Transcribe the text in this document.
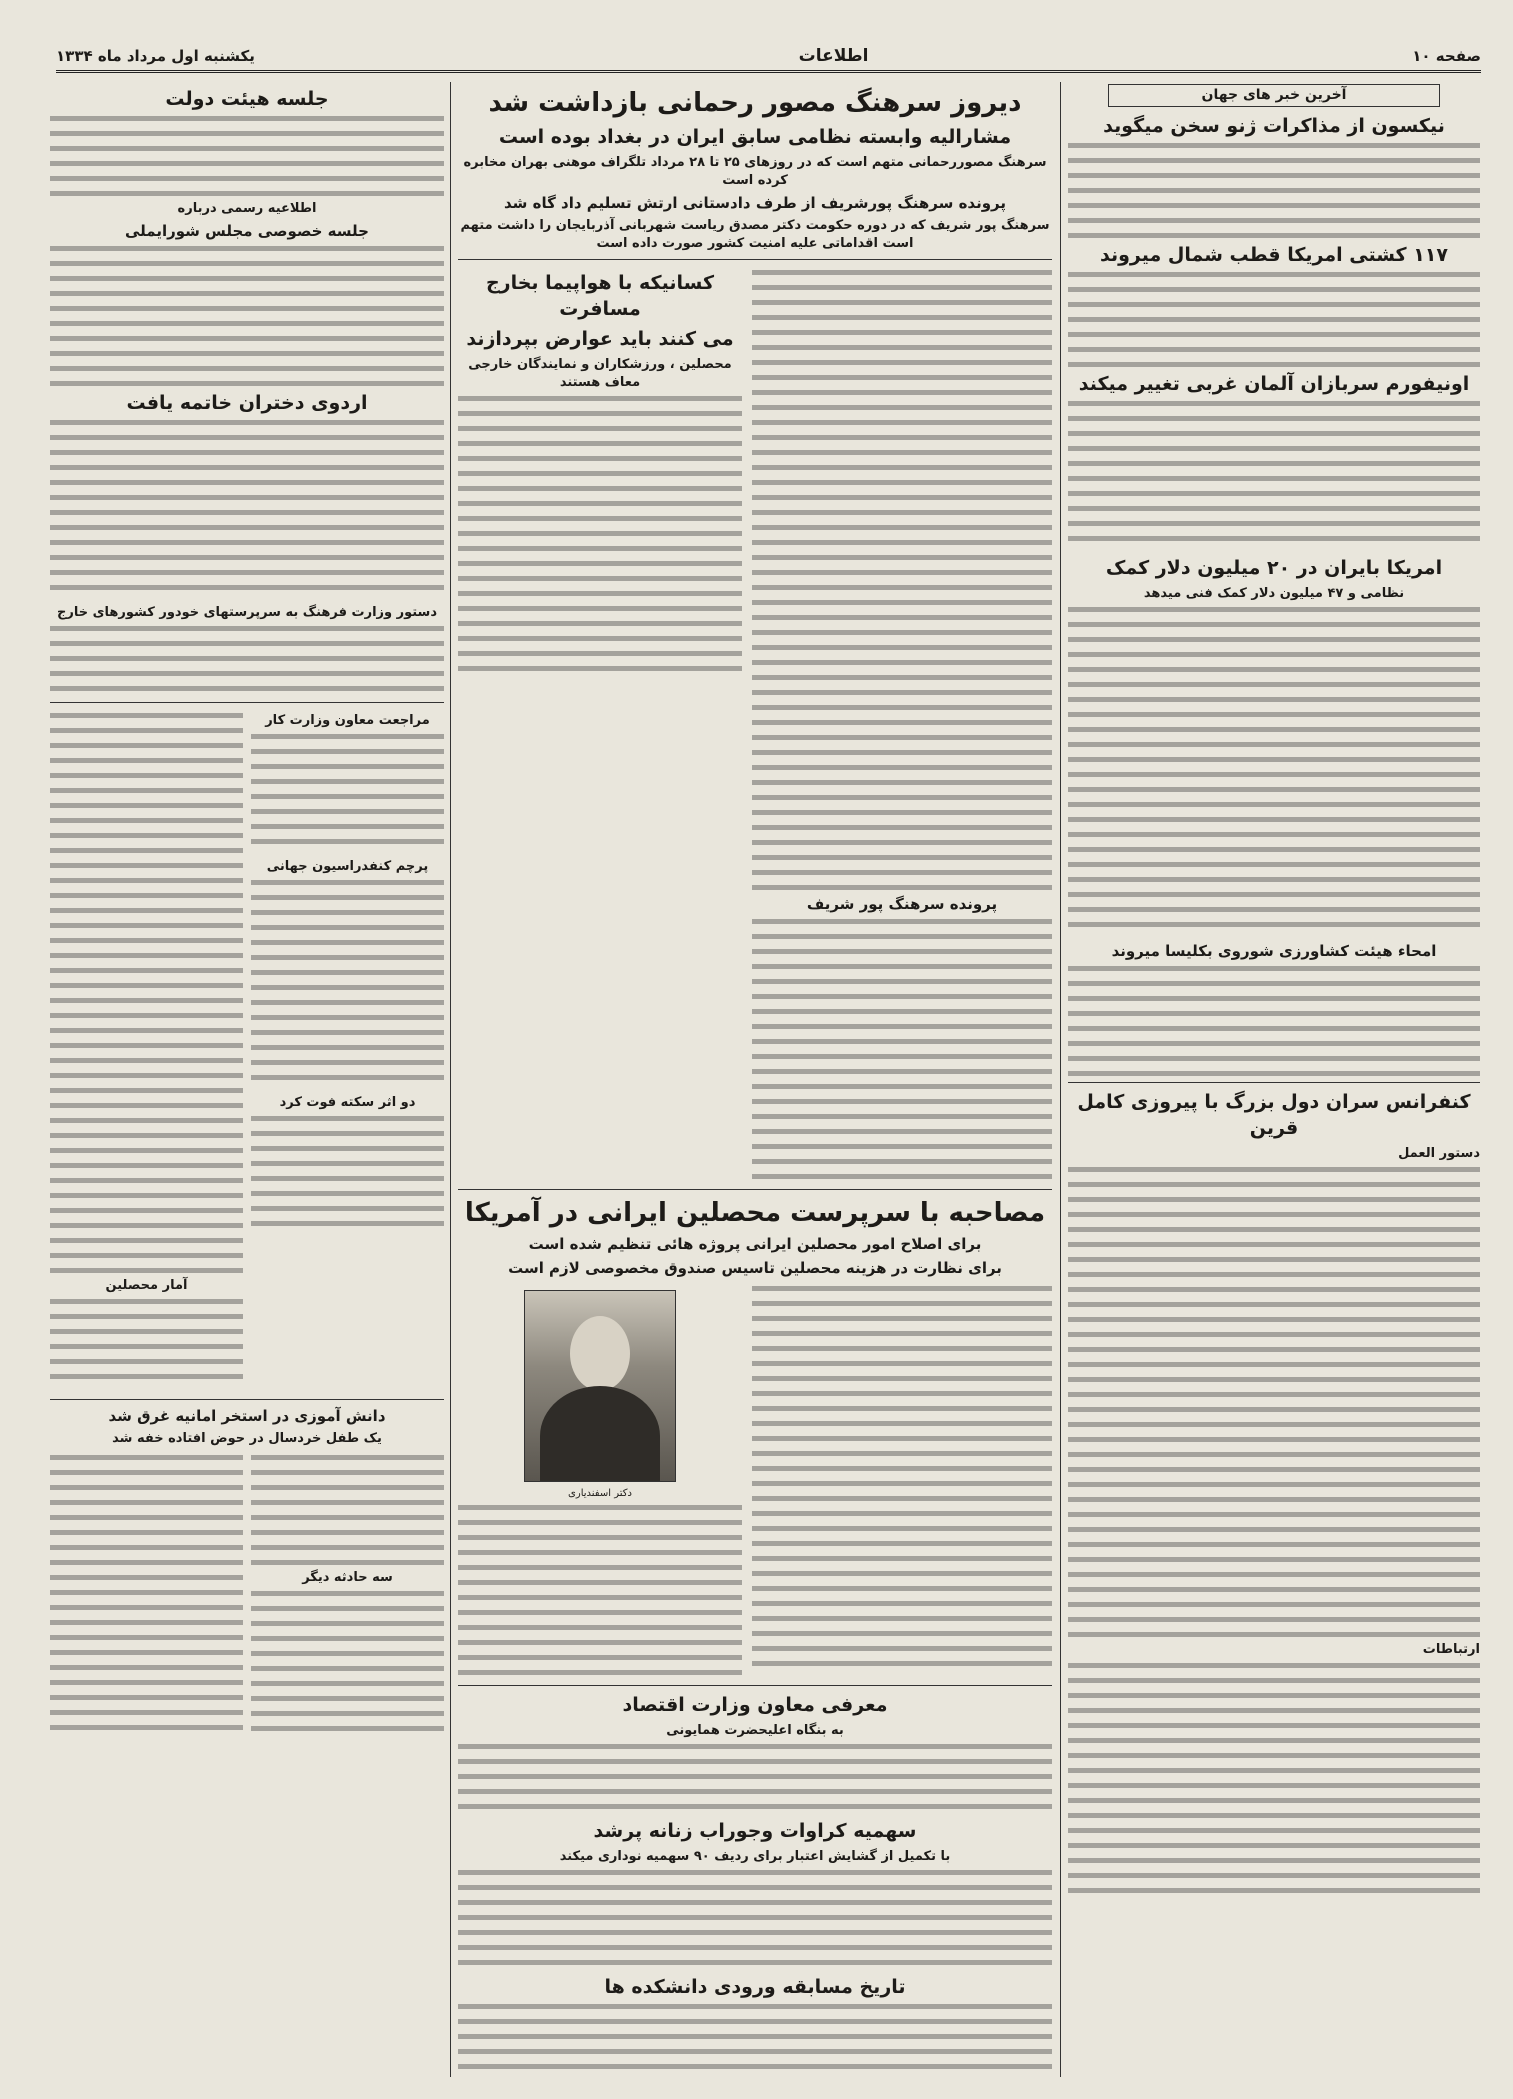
صفحه ۱۰
اطلاعات
یکشنبه اول مرداد ماه ۱۳۳۴
آخرین خبر های جهان
نیکسون از مذاکرات ژنو سخن میگوید
۱۱۷ کشتی امریکا قطب شمال میروند
اونیفورم سربازان آلمان غربی تغییر میکند
امریکا بایران در ۲۰ میلیون دلار کمک
نظامی و ۴۷ میلیون دلار کمک فنی میدهد
امحاء هیئت کشاورزی شوروی بکلیسا میروند
کنفرانس سران دول بزرگ با پیروزی کامل قرین
دستور العمل
ارتباطات
دیروز سرهنگ مصور رحمانی بازداشت شد
مشارالیه وابسته نظامی سابق ایران در بغداد بوده است
سرهنگ مصوررحمانی متهم است که در روزهای ۲۵ تا ۲۸ مرداد تلگراف موهنی بهران مخابره کرده است
پرونده سرهنگ پورشریف از طرف دادستانی ارتش تسلیم داد گاه شد
سرهنگ پور شریف که در دوره حکومت دکتر مصدق ریاست شهربانی آذربایجان را داشت متهم است اقداماتی علیه امنیت کشور صورت داده است
پرونده سرهنگ پور شریف
کسانیکه با هواپیما بخارج مسافرت
می کنند باید عوارض بپردازند
محصلین ، ورزشکاران و نمایندگان خارجی معاف هستند
مصاحبه با سرپرست محصلین ایرانی در آمریکا
برای اصلاح امور محصلین ایرانی پروژه هائی تنظیم شده است
برای نظارت در هزینه محصلین تاسیس صندوق مخصوصی لازم است
دکتر اسفندیاری
معرفی معاون وزارت اقتصاد
به بنگاه اعلیحضرت همایونی
سهمیه کراوات وجوراب زنانه پرشد
با تکمیل از گشایش اعتبار برای ردیف ۹۰ سهمیه نوداری میکند
تاریخ مسابقه ورودی دانشکده ها
جلسه هیئت دولت
اطلاعیه رسمی درباره
جلسه خصوصی مجلس شورایملی
اردوی دختران خاتمه یافت
دستور وزارت فرهنگ به سرپرستهای خودور کشورهای خارج
مراجعت معاون وزارت کار
پرچم کنفدراسیون جهانی
دو اثر سکته فوت کرد
آمار محصلین
دانش آموزی در استخر امانیه غرق شد
یک طفل خردسال در حوض افتاده خفه شد
سه حادثه دیگر
